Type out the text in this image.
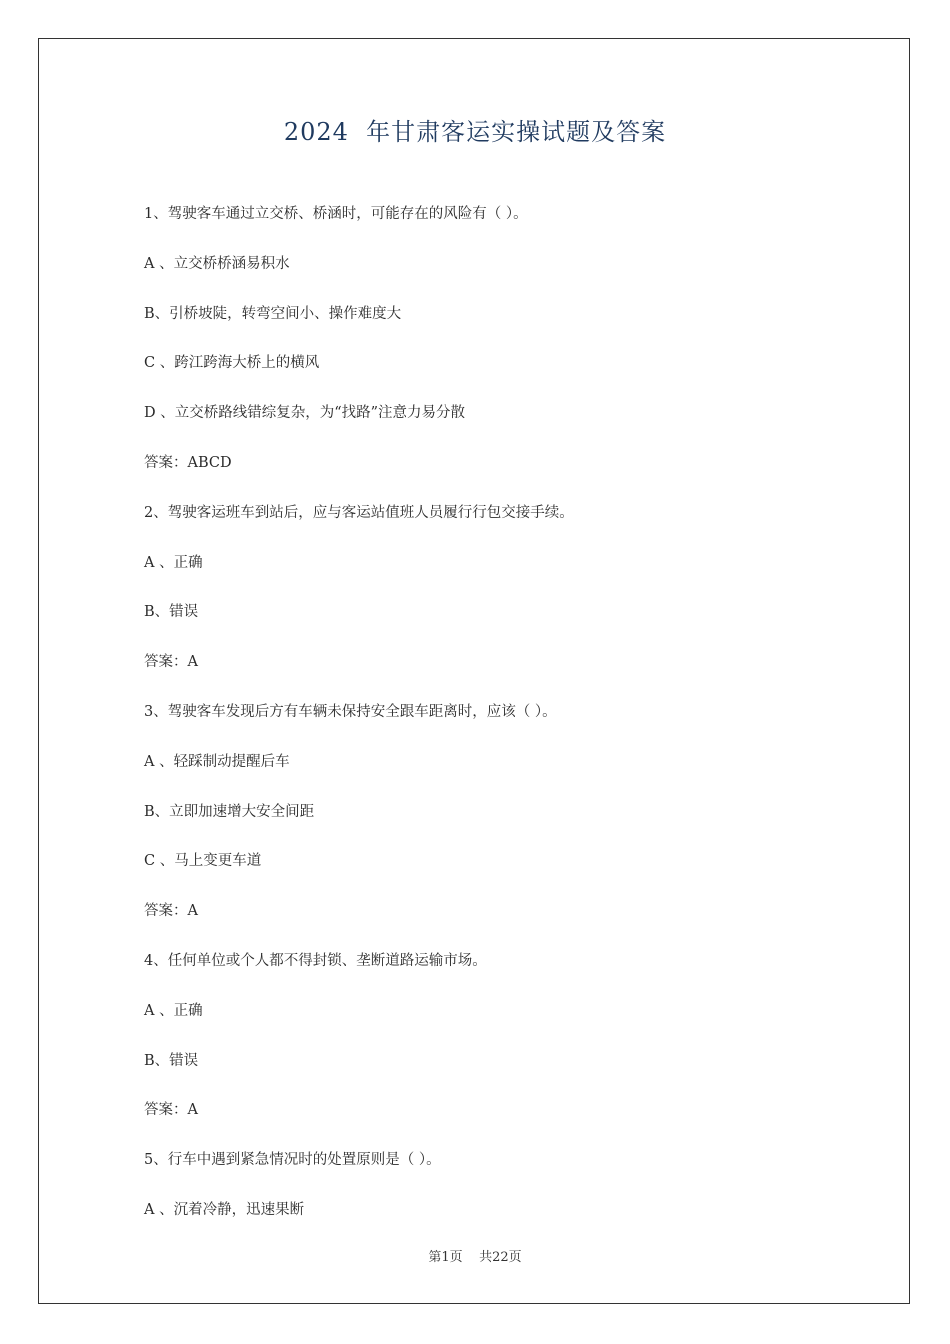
2024  年甘肃客运实操试题及答案
1、驾驶客车通过立交桥、桥涵时，可能存在的风险有（ ）。
A 、立交桥桥涵易积水
B、引桥坡陡，转弯空间小、操作难度大
C 、跨江跨海大桥上的横风
D 、立交桥路线错综复杂，为“找路”注意力易分散
答案：ABCD
2、驾驶客运班车到站后，应与客运站值班人员履行行包交接手续。
A 、正确
B、错误
答案：A
3、驾驶客车发现后方有车辆未保持安全跟车距离时，应该（ ）。
A 、轻踩制动提醒后车
B、立即加速增大安全间距
C 、马上变更车道
答案：A
4、任何单位或个人都不得封锁、垄断道路运输市场。
A 、正确
B、错误
答案：A
5、行车中遇到紧急情况时的处置原则是（ ）。
A 、沉着冷静，迅速果断
第1页 共22页
